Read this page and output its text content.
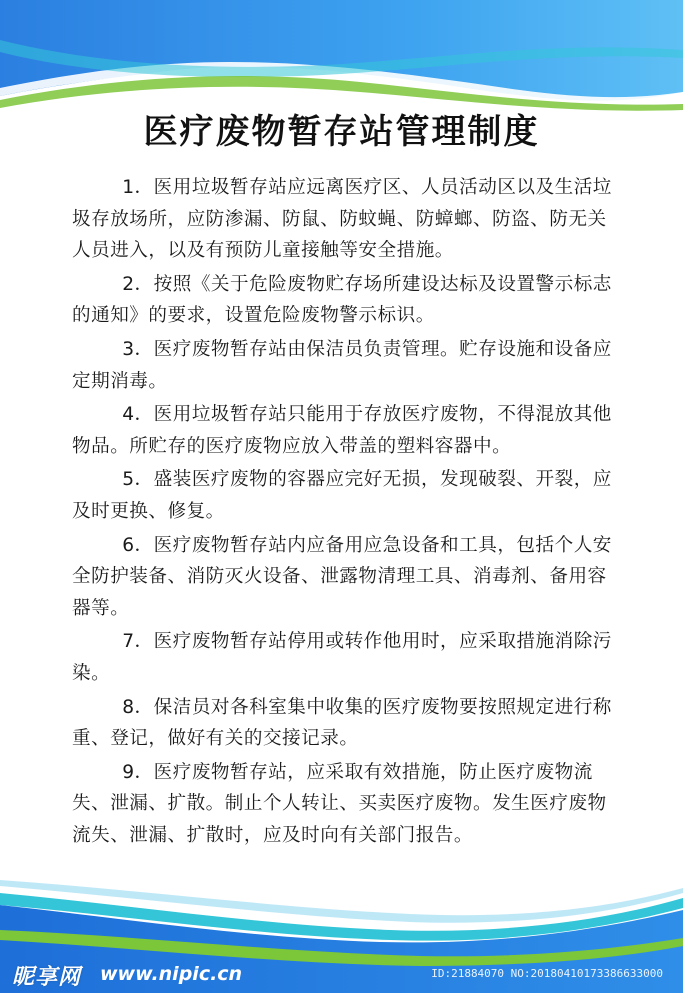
医疗废物暂存站管理制度

1．医用垃圾暂存站应远离医疗区、人员活动区以及生活垃 圾存放场所，应防渗漏、防鼠、防蚊蝇、防蟑螂、防盗、防无关人员进入，以及有预防儿童接触等安全措施。

2．按照《关于危险废物贮存场所建设达标及设置警示标志的通知》的要求，设置危险废物警示标识。

3．医疗废物暂存站由保洁员负责管理。贮存设施和设备应定期消毒。

4．医用垃圾暂存站只能用于存放医疗废物，不得混放其他物品。所贮存的医疗废物应放入带盖的塑料容器中。

5．盛装医疗废物的容器应完好无损，发现破裂、开裂，应及时更换、修复。

6．医疗废物暂存站内应备用应急设备和工具，包括个人安全防护装备、消防灭火设备、泄露物清理工具、消毒剂、备用容器等。

7．医疗废物暂存站停用或转作他用时，应采取措施消除污染。

8．保洁员对各科室集中收集的医疗废物要按照规定进行称重、登记，做好有关的交接记录。

9．医疗废物暂存站，应采取有效措施，防止医疗废物流失、泄漏、扩散。制止个人转让、买卖医疗废物。发生医疗废物流失、泄漏、扩散时，应及时向有关部门报告。

昵享网 www.nipic.cn	ID:21884070 NO:20180410173386633000
